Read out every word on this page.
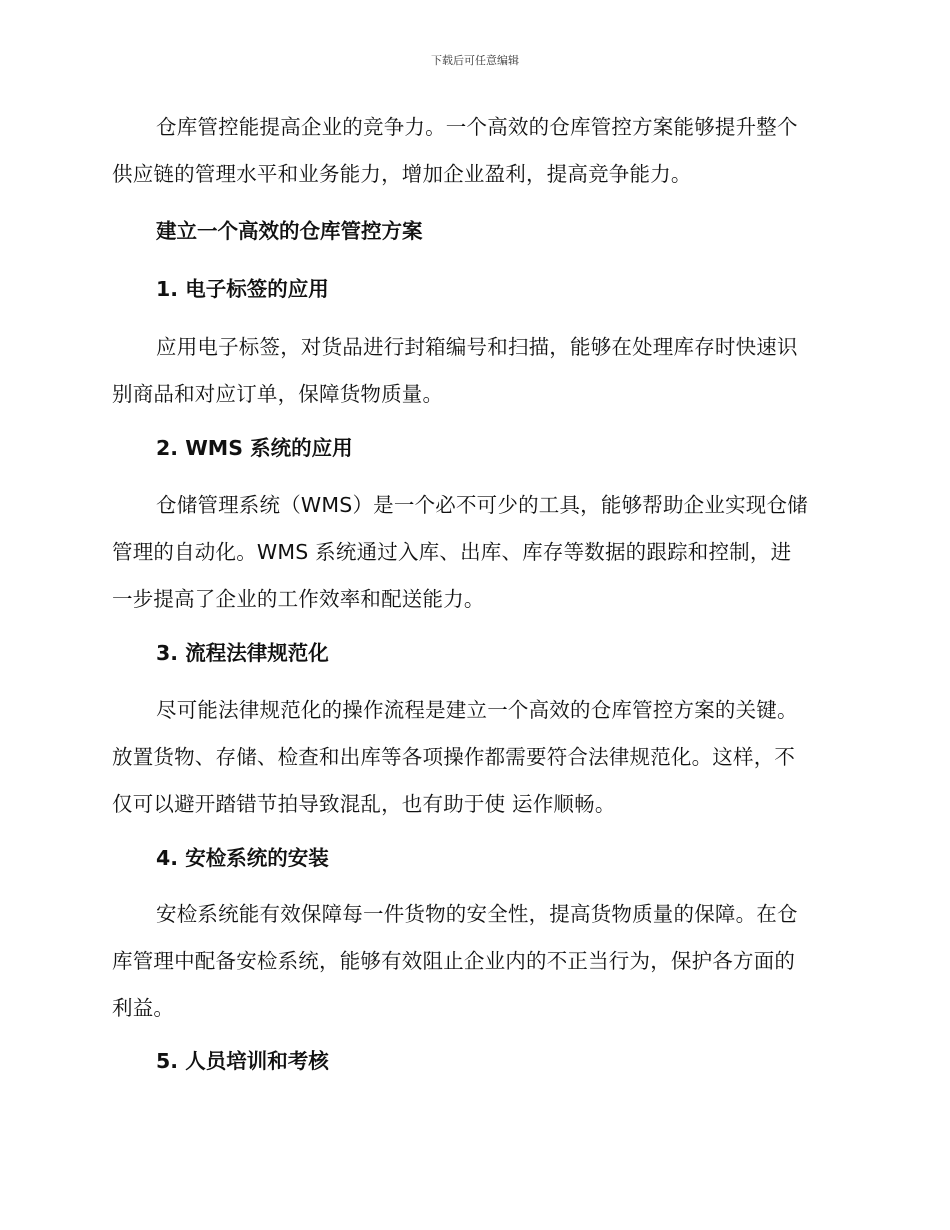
下载后可任意编辑

仓库管控能提高企业的竞争力。一个高效的仓库管控方案能够提升整个
供应链的管理水平和业务能力，增加企业盈利，提高竞争能力。

建立一个高效的仓库管控方案
1. 电子标签的应用

应用电子标签，对货品进行封箱编号和扫描，能够在处理库存时快速识
别商品和对应订单，保障货物质量。

2. WMS 系统的应用

仓储管理系统（WMS）是一个必不可少的工具，能够帮助企业实现仓储
管理的自动化。WMS 系统通过入库、出库、库存等数据的跟踪和控制，进
一步提高了企业的工作效率和配送能力。

3. 流程法律规范化

尽可能法律规范化的操作流程是建立一个高效的仓库管控方案的关键。
放置货物、存储、检查和出库等各项操作都需要符合法律规范化。这样，不
仅可以避开踏错节拍导致混乱，也有助于使 运作顺畅。

4. 安检系统的安装

安检系统能有效保障每一件货物的安全性，提高货物质量的保障。在仓
库管理中配备安检系统，能够有效阻止企业内的不正当行为，保护各方面的
利益。

5. 人员培训和考核
